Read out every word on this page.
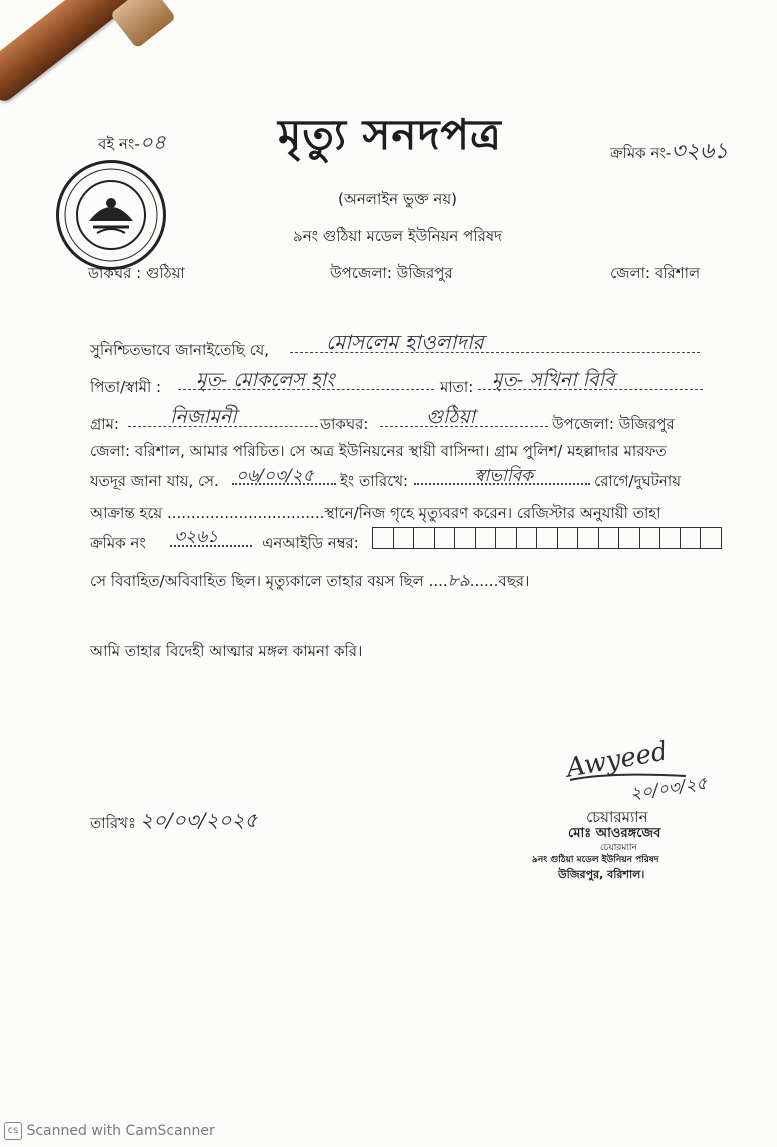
বই নং-০৪	মৃত্যু সনদপত্র	ক্রমিক নং-৩২৬১
(অনলাইন ভুক্ত নয়)
৯নং গুঠিয়া মডেল ইউনিয়ন পরিষদ
ডাকঘর : গুঠিয়া	উপজেলা: উজিরপুর	জেলা: বরিশাল
সুনিশ্চিতভাবে জানাইতেছি যে,	মোসলেম হাওলাদার
পিতা/স্বামী : মৃত- মোকলেস হাং	মাতা: মৃত- সখিনা বিবি
গ্রাম:	নিজামনী	ডাকঘর:	গুঠিয়া	উপজেলা: উজিরপুর
জেলা: বরিশাল, আমার পরিচিত। সে অত্র ইউনিয়নের স্থায়ী বাসিন্দা। গ্রাম পুলিশ/ মহল্লাদার মারফত
যতদূর জানা যায়, সে. ০৬/০৩/২৫ ইং তারিখে:	স্বাভাবিক	রোগে/দুঘটনায়
আক্রান্ত হয়ে .................................স্থানে/নিজ গৃহে মৃত্যুবরণ করেন। রেজিস্টার অনুযায়ী তাহা
ক্রমিক নং ৩২৬১	এনআইডি নম্বর:
সে বিবাহিত/অবিবাহিত ছিল। মৃত্যুকালে তাহার বয়স ছিল ....৮৯......বছর।
আমি তাহার বিদেহী আত্মার মঙ্গল কামনা করি।
তারিখঃ ২০/০৩/২০২৫
Awyeed
২০/০৩/২৫
চেয়ারম্যান
মোঃ আওরঙ্গজেব
চেয়ারম্যান
৯নং গুঠিয়া মডেল ইউনিয়ন পরিষদ
উজিরপুর, বরিশাল।
cs Scanned with CamScanner
